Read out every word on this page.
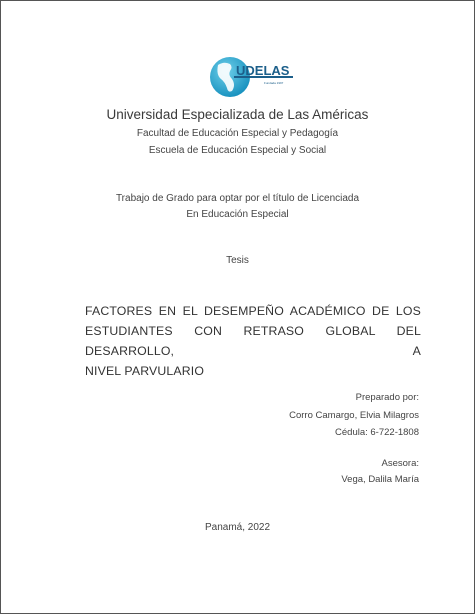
UDELAS
Fundada 1997
Universidad Especializada de Las Américas
Facultad de Educación Especial y Pedagogía
Escuela de Educación Especial y Social
Trabajo de Grado para optar por el título de Licenciada
En Educación Especial
Tesis
FACTORES EN EL DESEMPEÑO ACADÉMICO DE LOS
ESTUDIANTES CON RETRASO GLOBAL DEL DESARROLLO, A
NIVEL PARVULARIO
Preparado por:
Corro Camargo, Elvia Milagros
Cédula: 6-722-1808
Asesora:
Vega, Dalila María
Panamá, 2022
